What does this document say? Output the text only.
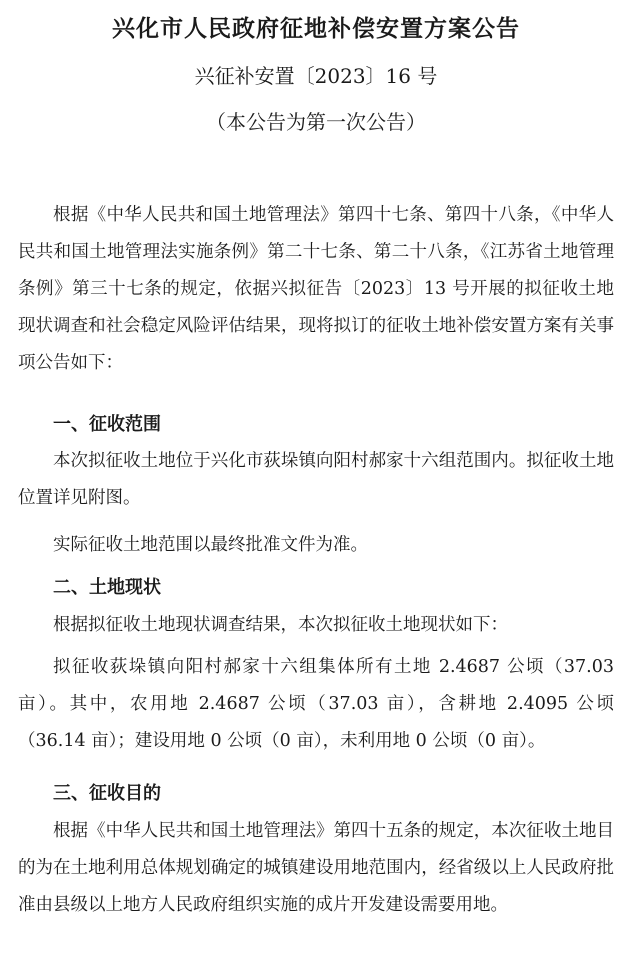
兴化市人民政府征地补偿安置方案公告
兴征补安置〔2023〕16 号
（本公告为第一次公告）

根据《中华人民共和国土地管理法》第四十七条、第四十八条，《中华人民共和国土地管理法实施条例》第二十七条、第二十八条，《江苏省土地管理条例》第三十七条的规定，依据兴拟征告〔2023〕13 号开展的拟征收土地现状调查和社会稳定风险评估结果，现将拟订的征收土地补偿安置方案有关事项公告如下：

一、征收范围

本次拟征收土地位于兴化市荻垛镇向阳村郝家十六组范围内。拟征收土地位置详见附图。

实际征收土地范围以最终批准文件为准。

二、土地现状

根据拟征收土地现状调查结果，本次拟征收土地现状如下：

拟征收荻垛镇向阳村郝家十六组集体所有土地 2.4687 公顷（37.03 亩）。其中，农用地 2.4687 公顷（37.03 亩），含耕地 2.4095 公顷（36.14 亩）；建设用地 0 公顷（0 亩），未利用地 0 公顷（0 亩）。

三、征收目的

根据《中华人民共和国土地管理法》第四十五条的规定，本次征收土地目的为在土地利用总体规划确定的城镇建设用地范围内，经省级以上人民政府批准由县级以上地方人民政府组织实施的成片开发建设需要用地。
